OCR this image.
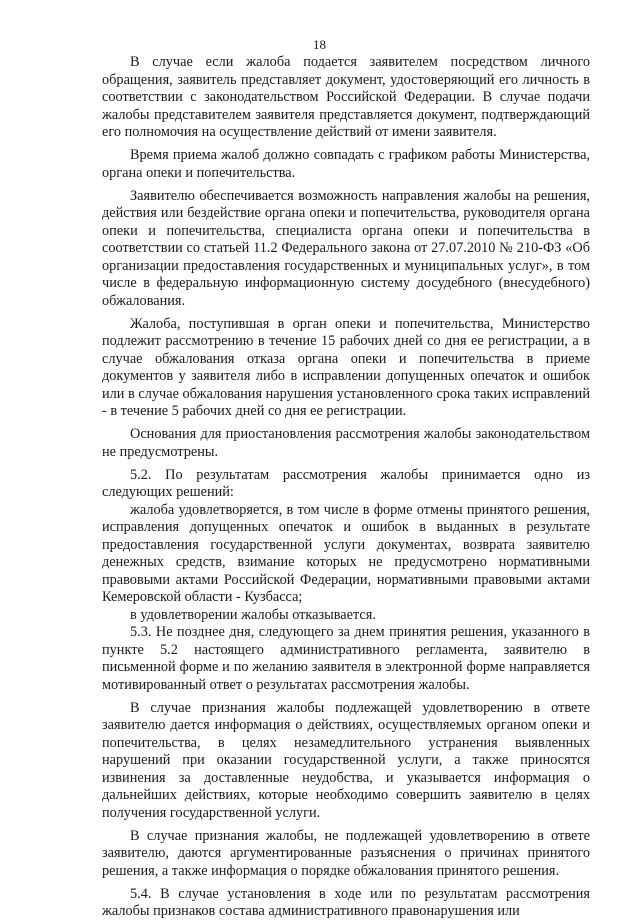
18

В случае если жалоба подается заявителем посредством личного обращения, заявитель представляет документ, удостоверяющий его личность в соответствии с законодательством Российской Федерации. В случае подачи жалобы представителем заявителя представляется документ, подтверждающий его полномочия на осуществление действий от имени заявителя.

Время приема жалоб должно совпадать с графиком работы Министерства, органа опеки и попечительства.

Заявителю обеспечивается возможность направления жалобы на решения, действия или бездействие органа опеки и попечительства, руководителя органа опеки и попечительства, специалиста органа опеки и попечительства в соответствии со статьей 11.2 Федерального закона от 27.07.2010 № 210-ФЗ «Об организации предоставления государственных и муниципальных услуг», в том числе в федеральную информационную систему досудебного (внесудебного) обжалования.

Жалоба, поступившая в орган опеки и попечительства, Министерство подлежит рассмотрению в течение 15 рабочих дней со дня ее регистрации, а в случае обжалования отказа органа опеки и попечительства в приеме документов у заявителя либо в исправлении допущенных опечаток и ошибок или в случае обжалования нарушения установленного срока таких исправлений - в течение 5 рабочих дней со дня ее регистрации.

Основания для приостановления рассмотрения жалобы законодательством не предусмотрены.

5.2. По результатам рассмотрения жалобы принимается одно из следующих решений:

жалоба удовлетворяется, в том числе в форме отмены принятого решения, исправления допущенных опечаток и ошибок в выданных в результате предоставления государственной услуги документах, возврата заявителю денежных средств, взимание которых не предусмотрено нормативными правовыми актами Российской Федерации, нормативными правовыми актами Кемеровской области - Кузбасса;

в удовлетворении жалобы отказывается.

5.3. Не позднее дня, следующего за днем принятия решения, указанного в пункте 5.2 настоящего административного регламента, заявителю в письменной форме и по желанию заявителя в электронной форме направляется мотивированный ответ о результатах рассмотрения жалобы.

В случае признания жалобы подлежащей удовлетворению в ответе заявителю дается информация о действиях, осуществляемых органом опеки и попечительства, в целях незамедлительного устранения выявленных нарушений при оказании государственной услуги, а также приносятся извинения за доставленные неудобства, и указывается информация о дальнейших действиях, которые необходимо совершить заявителю в целях получения государственной услуги.

В случае признания жалобы, не подлежащей удовлетворению в ответе заявителю, даются аргументированные разъяснения о причинах принятого решения, а также информация о порядке обжалования принятого решения.

5.4. В случае установления в ходе или по результатам рассмотрения жалобы признаков состава административного правонарушения или
